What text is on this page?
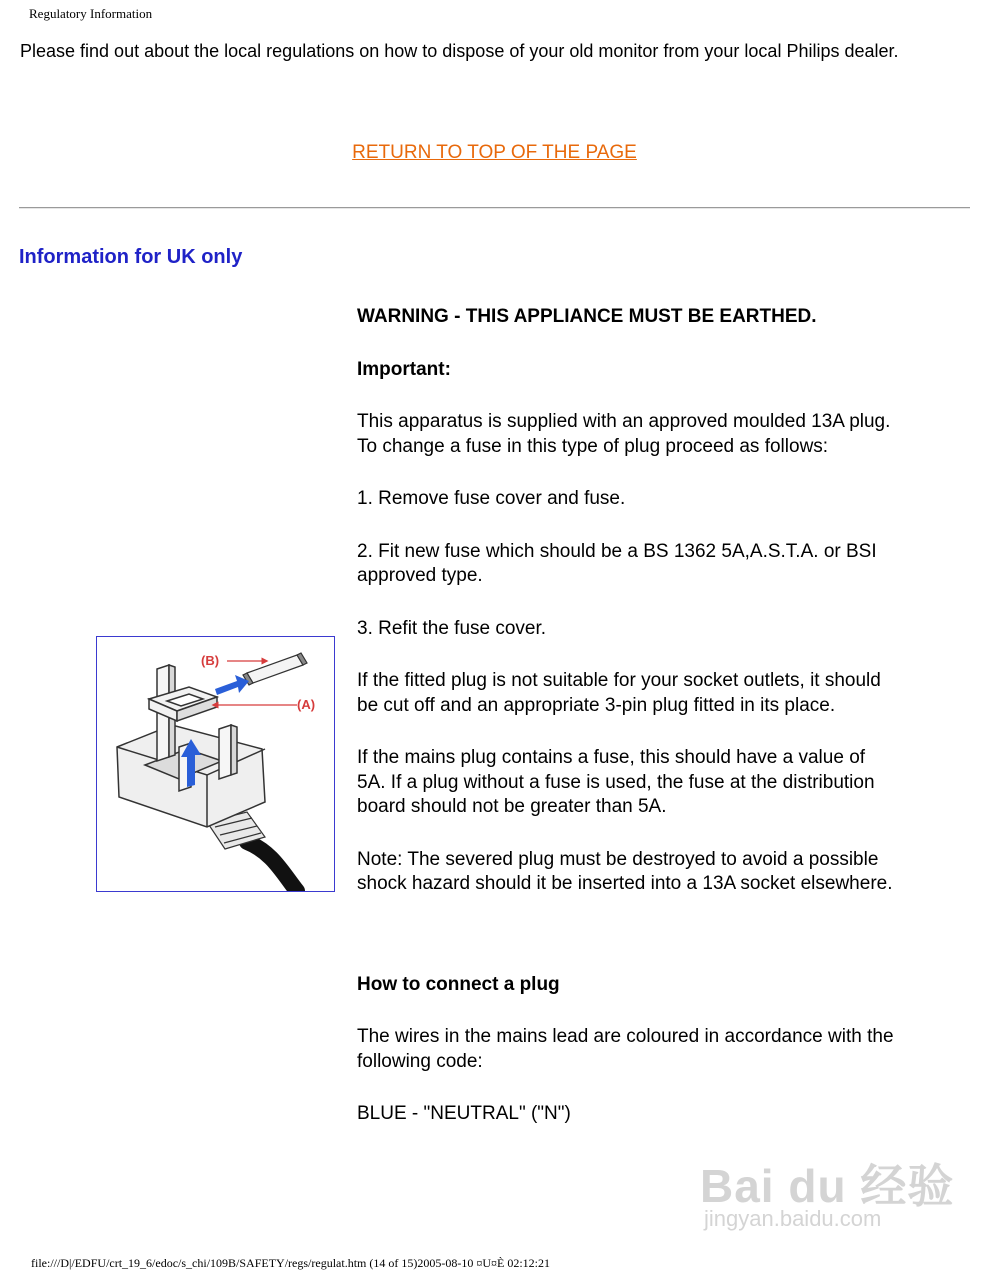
Regulatory Information
Please find out about the local regulations on how to dispose of your old monitor from your local Philips dealer.
RETURN TO TOP OF THE PAGE
Information for UK only

WARNING - THIS APPLIANCE MUST BE EARTHED.

Important:

This apparatus is supplied with an approved moulded 13A plug. To change a fuse in this type of plug proceed as follows:

1. Remove fuse cover and fuse.

2. Fit new fuse which should be a BS 1362 5A,A.S.T.A. or BSI approved type.

3. Refit the fuse cover.

If the fitted plug is not suitable for your socket outlets, it should be cut off and an appropriate 3-pin plug fitted in its place.

If the mains plug contains a fuse, this should have a value of 5A. If a plug without a fuse is used, the fuse at the distribution board should not be greater than 5A.

Note: The severed plug must be destroyed to avoid a possible shock hazard should it be inserted into a 13A socket elsewhere.

How to connect a plug

The wires in the mains lead are coloured in accordance with the following code:

BLUE - "NEUTRAL" ("N")

(B)
(A)
Bai du 经验
jingyan.baidu.com
file:///D|/EDFU/crt_19_6/edoc/s_chi/109B/SAFETY/regs/regulat.htm (14 of 15)2005-08-10 ¤U¤È 02:12:21
